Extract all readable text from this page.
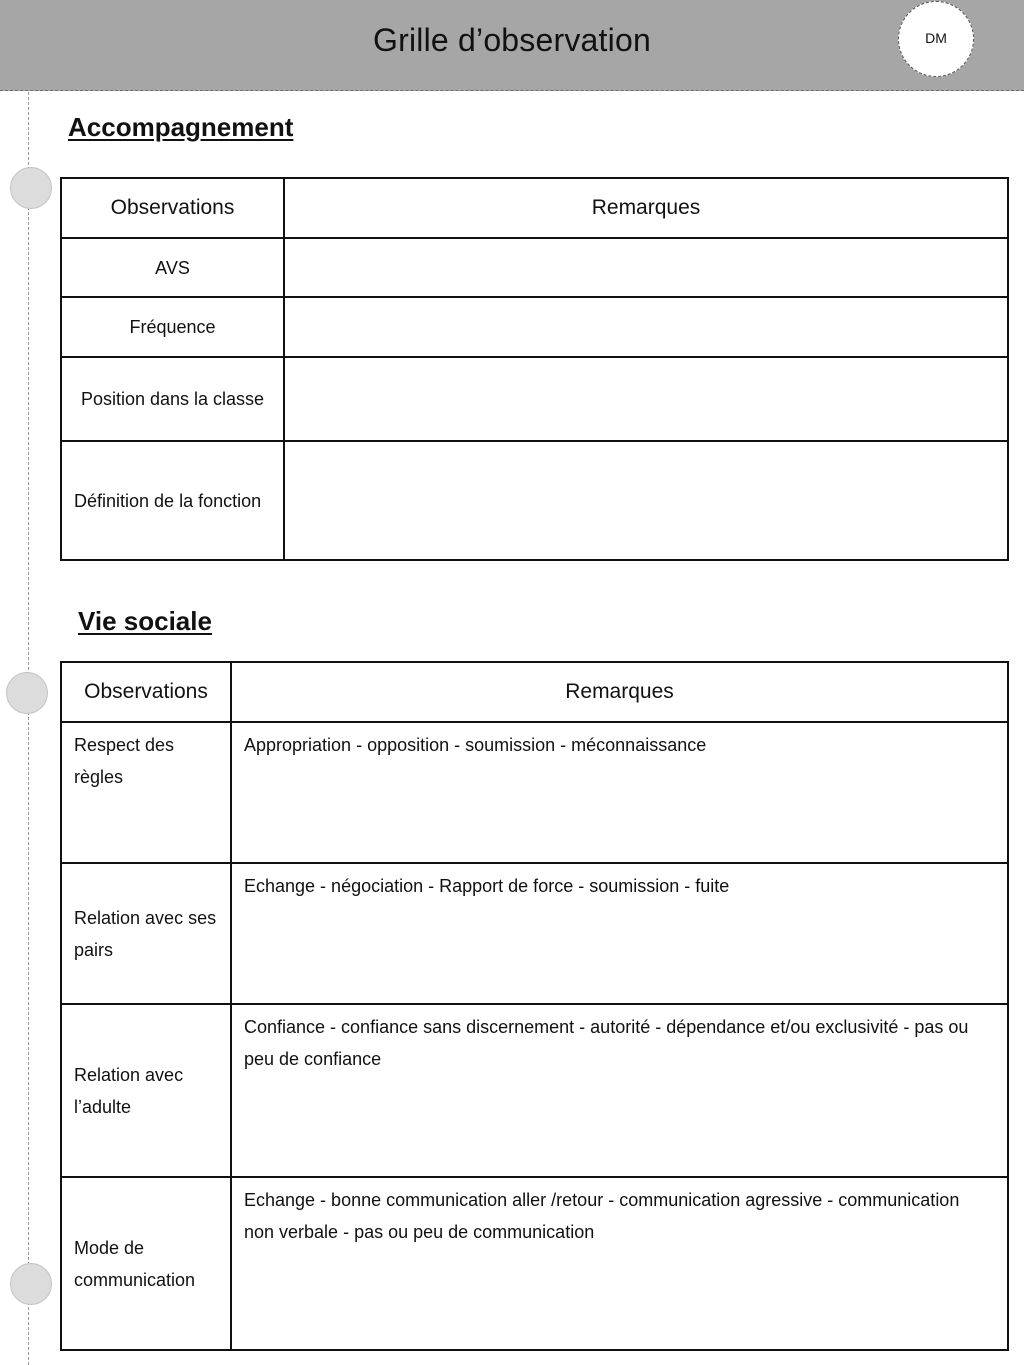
Grille d’observation	DM
Accompagnement
Observations	Remarques
AVS	
Fréquence	
Position dans la classe	
Définition de la fonction	
Vie sociale
Observations	Remarques
Respect des règles	Appropriation - opposition - soumission - méconnaissance
Relation avec ses pairs	Echange - négociation - Rapport de force - soumission - fuite
Relation avec l’adulte	Confiance - confiance sans discernement - autorité - dépendance et/ou exclusivité - pas ou peu de confiance
Mode de communication	Echange - bonne communication aller /retour - communication agressive - communication non verbale - pas ou peu de communication
